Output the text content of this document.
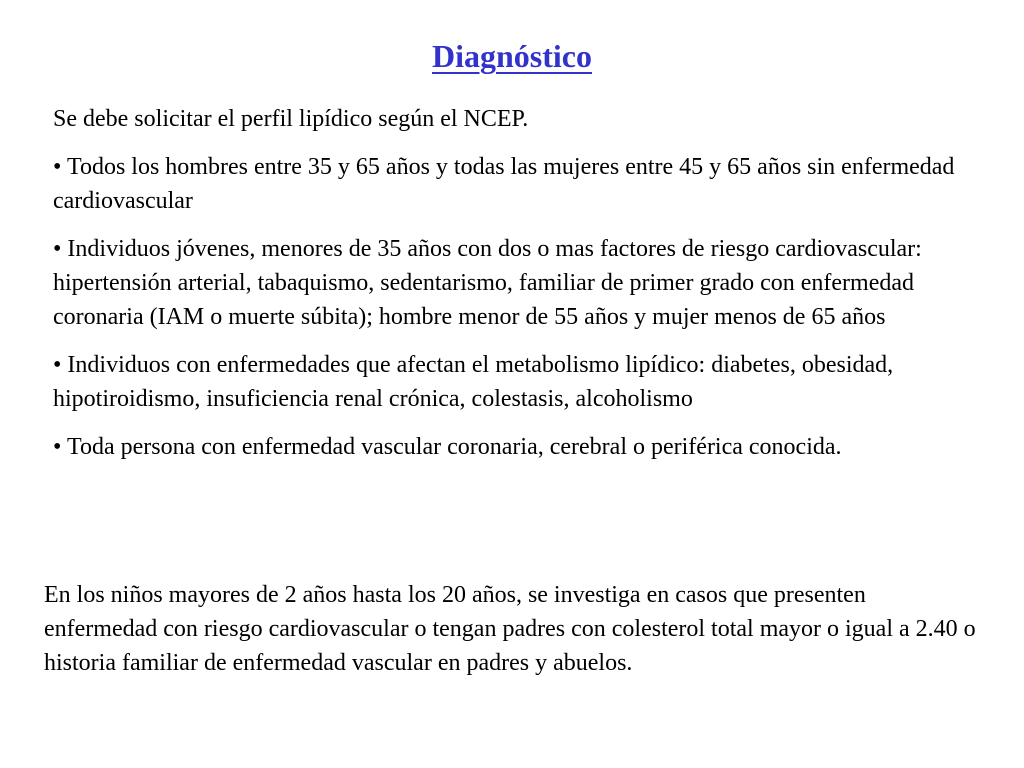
Diagnóstico

Se debe solicitar el perfil lipídico según el NCEP.

• Todos los hombres entre 35 y 65 años y todas las mujeres entre 45 y 65 años sin enfermedad cardiovascular

• Individuos jóvenes, menores de 35 años con dos o mas factores de riesgo cardiovascular: hipertensión arterial, tabaquismo, sedentarismo, familiar de primer grado con enfermedad coronaria (IAM o muerte súbita); hombre menor de 55 años y mujer menos de 65 años

• Individuos con enfermedades que afectan el metabolismo lipídico: diabetes, obesidad, hipotiroidismo, insuficiencia renal crónica, colestasis, alcoholismo

• Toda persona con enfermedad vascular coronaria, cerebral o periférica conocida.

En los niños mayores de 2 años hasta los 20 años, se investiga en casos que presenten enfermedad con riesgo cardiovascular o tengan padres con colesterol total mayor o igual a 2.40 o historia familiar de enfermedad vascular en padres y abuelos.
